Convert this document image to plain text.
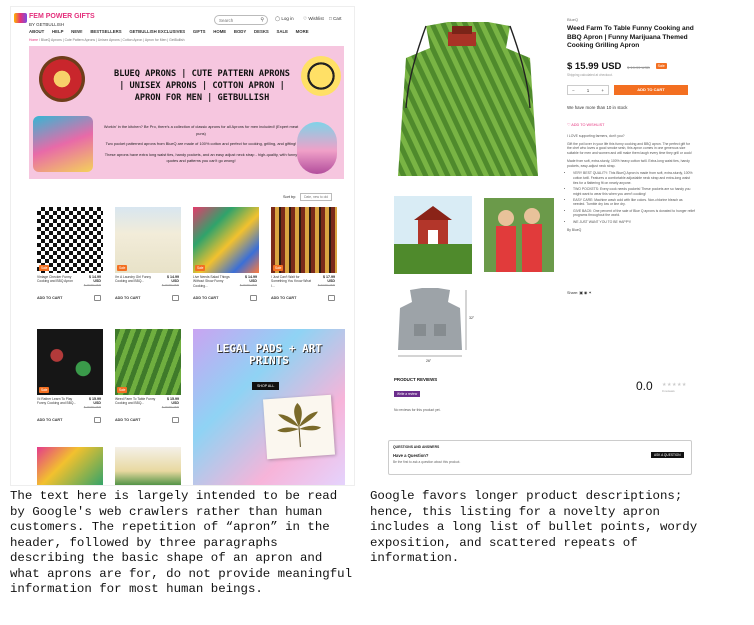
FEM POWER GIFTS
BY GETBULLISH
Search	⚲ ◯ Log in ♡ Wishlist □ Cart
ABOUT HELP NEW! BESTSELLERS GETBULLISH EXCLUSIVES GIFTS HOME BODY DESKS SALE MORE
Home / BlueQ Aprons | Cute Pattern Aprons | Unisex Aprons | Cotton Apron | Apron for Men | GetBullish
BLUEQ APRONS | CUTE PATTERN APRONS | UNISEX APRONS | COTTON APRON | APRON FOR MEN | GETBULLISH
Workin' in the kitchen? Be Pro, there's a collection of classic aprons for all Aprons for men included! (Expert meat puns)
Two pocket patterned aprons from BlueQ are made of 100% cotton and perfect for cooking, grilling, and gifting!
These aprons have extra long waist ties, handy pockets, and an easy adjust neck strap - high-quality, with funny quotes and patterns you can't go wrong!
Sort by: Date, new to old
Sale
Vintage Checker Funny Cooking and BBQ Apron$ 14.99 USD
$ 19.99 USD
ADD TO CART
Sale
I'm A Laundry Girl Funny Cooking and BBQ...$ 14.99 USD
$ 19.99 USD
ADD TO CART
Sale
Live Needs Salad Things Without Show Funny Cooking...$ 14.99 USD
$ 19.99 USD
ADD TO CART
Sale
I Just Can't Wait for Something You Know What I...$ 17.99 USD
$ 22.99 USD
ADD TO CART
Sale
I'd Rather Learn To Play Funny Cooking and BBQ...$ 15.99 USD
$ 19.99 USD
ADD TO CART
Sale
Weed Farm To Table Funny Cooking and BBQ...$ 15.99 USD
$ 19.99 USD
ADD TO CART
LEGAL PADS + ART PRINTS
SHOP ALL
32"
26"
BlueQ
Weed Farm To Table Funny Cooking and BBQ Apron | Funny Marijuana Themed Cooking Grilling Apron
$ 15.99 USD $ 19.99 USD Sale
Shipping calculated at checkout.
−	1	+	ADD TO CART
We have more than 10 in stock
♡ ADD TO WISHLIST

I LOVE supporting farmers, don't you?

Gift the pot lover in your life this funny cooking and BBQ apron. The perfect gift for the chef who loves a good smoke sesh, this apron comes in one generous size suitable for men and women and will make them laugh every time they grill or cook!

Made from soft, extra-sturdy, 100% heavy cotton twill. Extra-long waist ties, handy pockets, easy-adjust neck strap.

• VERY BEST QUALITY: This BlueQ Apron is made from soft, extra-sturdy, 100% cotton twill. Features a comfortable adjustable neck strap and extra-long waist ties for a flattering fit on nearly anyone.
• TWO POCKETS: Every cook needs pockets! These pockets are so handy you might want to wear this when you aren't cooking!
• EASY CARE: Machine wash cold with like colors. Non-chlorine bleach as needed. Tumble dry low or line dry.
• GIVE BACK: One percent of the sale of Blue Q aprons is donated to hunger relief programs throughout the world.
• WE JUST WANT YOU TO BE HAPPY!

By BlueQ

Share: ▣ ◉ ✶
PRODUCT REVIEWS
Write a review
0.0 ★★★★★
0 reviews
No reviews for this product yet.
QUESTIONS AND ANSWERS
Have a Question?
Be the first to ask a question about this product.
ASK A QUESTION
The text here is largely intended to be read by Google's web crawlers rather than human customers. The repetition of “apron” in the header, followed by three paragraphs describing the basic shape of an apron and what aprons are for, do not provide meaningful information for most human beings.
Google favors longer product descriptions; hence, this listing for a novelty apron includes a long list of bullet points, wordy exposition, and scattered repeats of information.
